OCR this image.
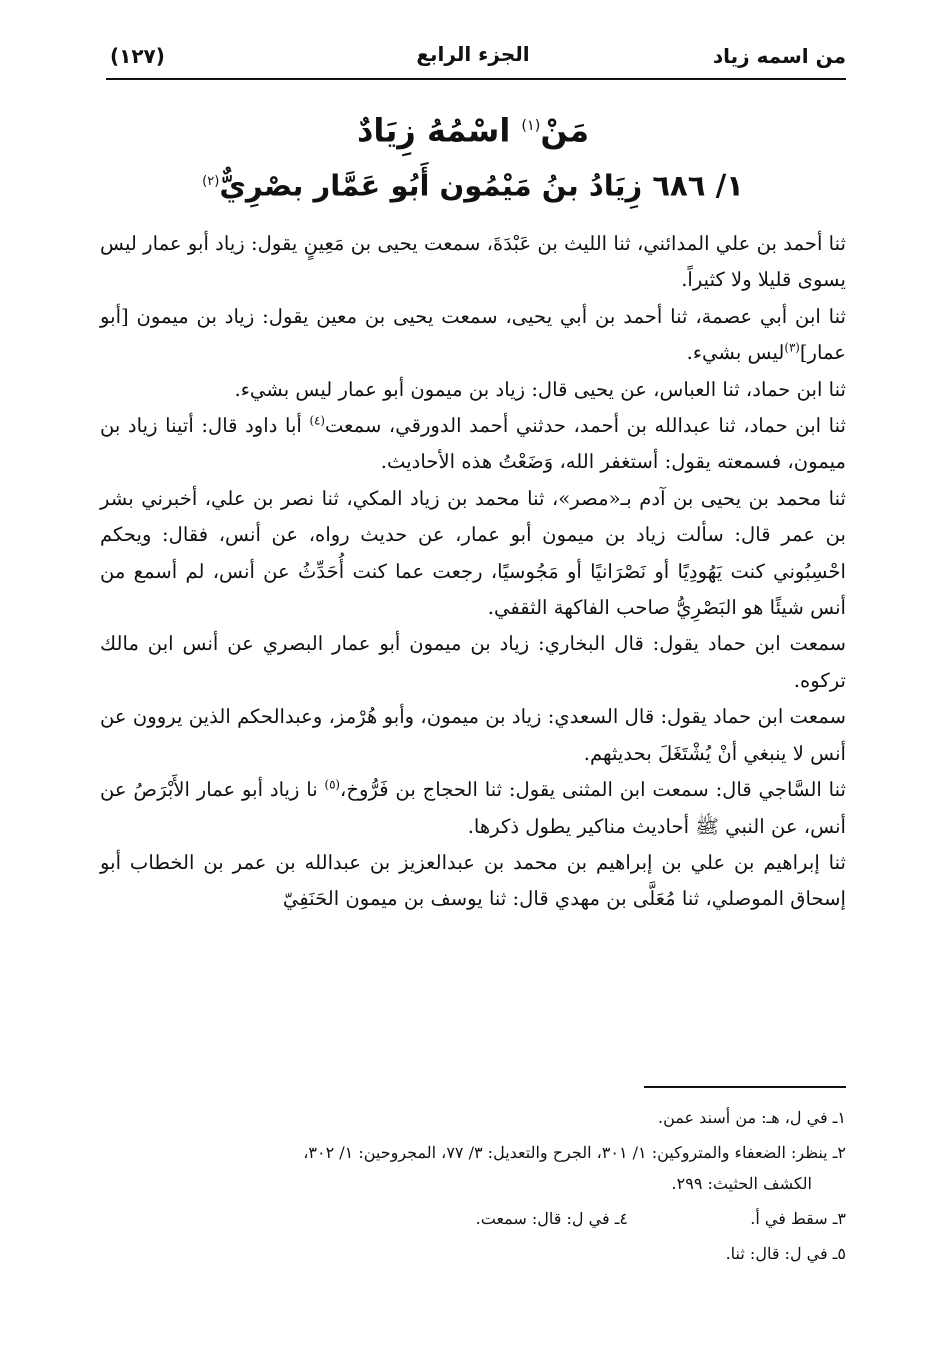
من اسمه زياد
الجزء الرابع
(١٢٧)
مَنْ$^{(١)}$ اسْمُهُ زِيَادٌ
١/ ٦٨٦ زِيَادُ بنُ مَيْمُون أَبُو عَمَّار بصْرِيٌّ$^{(٢)}$

ثنا أحمد بن علي المدائني، ثنا الليث بن عَبْدَةَ، سمعت يحيى بن مَعِينٍ يقول: زياد أبو عمار ليس يسوى قليلا ولا كثيراً.

ثنا ابن أبي عصمة، ثنا أحمد بن أبي يحيى، سمعت يحيى بن معين يقول: زياد بن ميمون [أبو عمار]$^{(٣)}$ليس بشيء.

ثنا ابن حماد، ثنا العباس، عن يحيى قال: زياد بن ميمون أبو عمار ليس بشيء.

ثنا ابن حماد، ثنا عبدالله بن أحمد، حدثني أحمد الدورقي، سمعت$^{(٤)}$ أبا داود قال: أتينا زياد بن ميمون، فسمعته يقول: أستغفر الله، وَضَعْتُ هذه الأحاديث.

ثنا محمد بن يحيى بن آدم بـ«مصر»، ثنا محمد بن زياد المكي، ثنا نصر بن علي، أخبرني بشر بن عمر قال: سألت زياد بن ميمون أبو عمار، عن حديث رواه، عن أنس، فقال: ويحكم احْسِبُوني كنت يَهُودِيًا أو نَصْرَانيًا أو مَجُوسيًا، رجعت عما كنت أُحَدِّثُ عن أنس، لم أسمع من أنس شيئًا هو البَصْرِيُّ صاحب الفاكهة الثقفي.

سمعت ابن حماد يقول: قال البخاري: زياد بن ميمون أبو عمار البصري عن أنس ابن مالك تركوه.

سمعت ابن حماد يقول: قال السعدي: زياد بن ميمون، وأبو هُرْمز، وعبدالحكم الذين يروون عن أنس لا ينبغي أنْ يُشْتَغَلَ بحديثهم.

ثنا السَّاجي قال: سمعت ابن المثنى يقول: ثنا الحجاج بن فَرُّوخ،$^{(٥)}$ نا زياد أبو عمار الأَبْرَصُ عن أنس، عن النبي ﷺ أحاديث مناكير يطول ذكرها.

ثنا إبراهيم بن علي بن إبراهيم بن محمد بن عبدالعزيز بن عبدالله بن عمر بن الخطاب أبو إسحاق الموصلي، ثنا مُعَلَّى بن مهدي قال: ثنا يوسف بن ميمون الحَنَفِيّ

١ـ في ل، هـ: من أسند عمن.
٢ـ ينظر: الضعفاء والمتروكين: ١/ ٣٠١، الجرح والتعديل: ٣/ ٧٧، المجروحين: ١/ ٣٠٢،
الكشف الحثيث: ٢٩٩.
٣ـ سقط في أ.
٤ـ في ل: قال: سمعت.
٥ـ في ل: قال: ثنا.
